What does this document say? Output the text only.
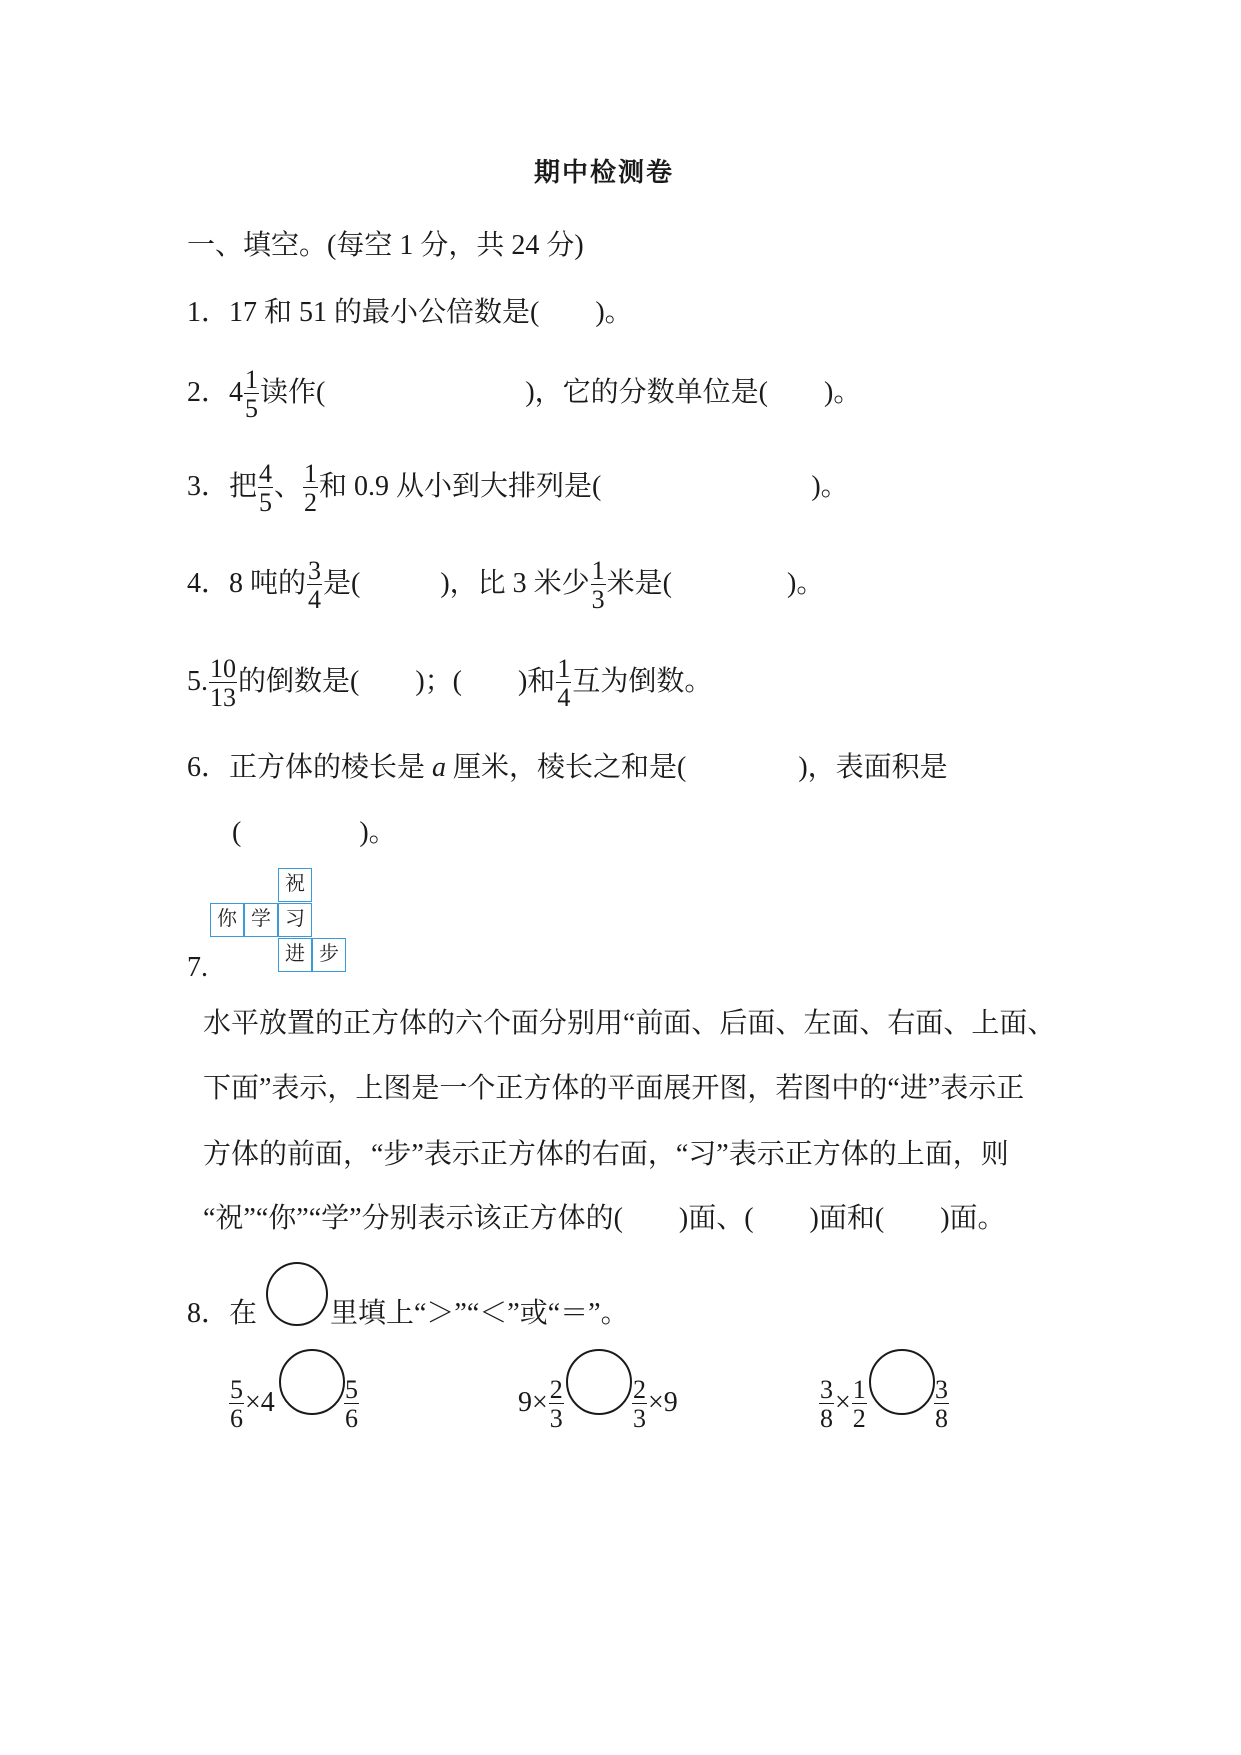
期中检测卷
一、填空。(每空 1 分，共 24 分)
1．17 和 51 的最小公倍数是(　　)。
2．$4 \frac{1}{5}$ 读作(	)，它的分数单位是(　　)。
3．把 $\frac{4}{5}$ 、 $\frac{1}{2}$ 和 0.9 从小到大排列是(	)。
4．8 吨的 $\frac{3}{4}$ 是(	)，比 3 米少 $\frac{1}{3}$ 米是(	)。
5. $\frac{10}{13}$ 的倒数是(　　)；(　　)和 $\frac{1}{4}$ 互为倒数。
6．正方体的棱长是 a 厘米，棱长之和是(	)，表面积是
(	)。
祝
你 学 习
进 步
7.
水平放置的正方体的六个面分别用“前面、后面、左面、右面、上面、
下面”表示，上图是一个正方体的平面展开图，若图中的“进”表示正
方体的前面，“步”表示正方体的右面，“习”表示正方体的上面，则
“祝”“你”“学”分别表示该正方体的(　　)面、(　　)面和(　　)面。
8．在	里填上“＞”“＜”或“＝”。
$\frac{5}{6} \times 4$	$\frac{5}{6}$	$9\times \frac{2}{3}$	$\frac{2}{3} \times 9$	$\frac{3}{8} \times \frac{1}{2}$	$\frac{3}{8}$
